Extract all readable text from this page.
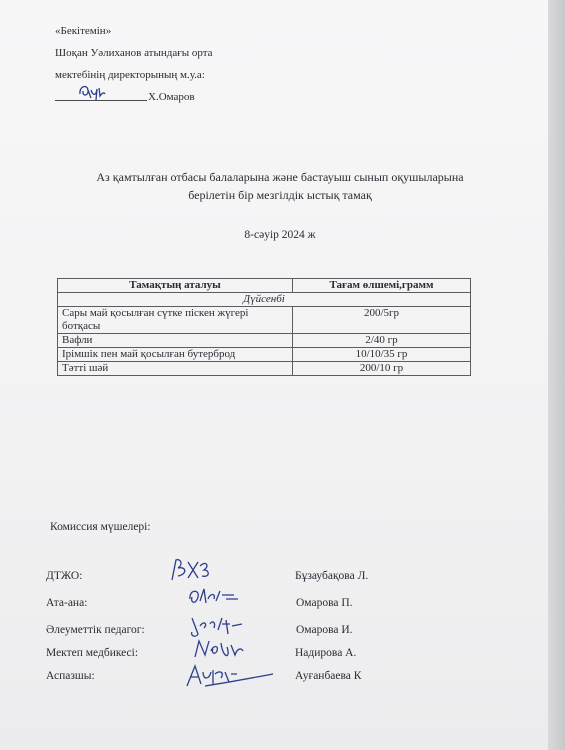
«Бекітемін»
Шоқан Уәлиханов атындағы орта
мектебінің директорының м.у.а:
Х.Омаров
Аз қамтылған отбасы балаларына және бастауыш сынып оқушыларына
берілетін бір мезгілдік ыстық тамақ
8-сәуір 2024 ж
Тамақтың аталуы	Тағам өлшемі,грамм
Дүйсенбі	
Сары май қосылған сүтке піскен жүгері ботқасы	200/5гр
Вафли	2/40 гр
Ірімшік пен май қосылған бутерброд	10/10/35 гр
Тәтті шәй	200/10 гр
Комиссия мүшелері:
ДТЖО:	Бұзаубақова Л.
Ата-ана:	Омарова П.
Әлеуметтік педагог:	Омарова И.
Мектеп медбикесі:	Надирова А.
Аспазшы:	Ауғанбаева К
